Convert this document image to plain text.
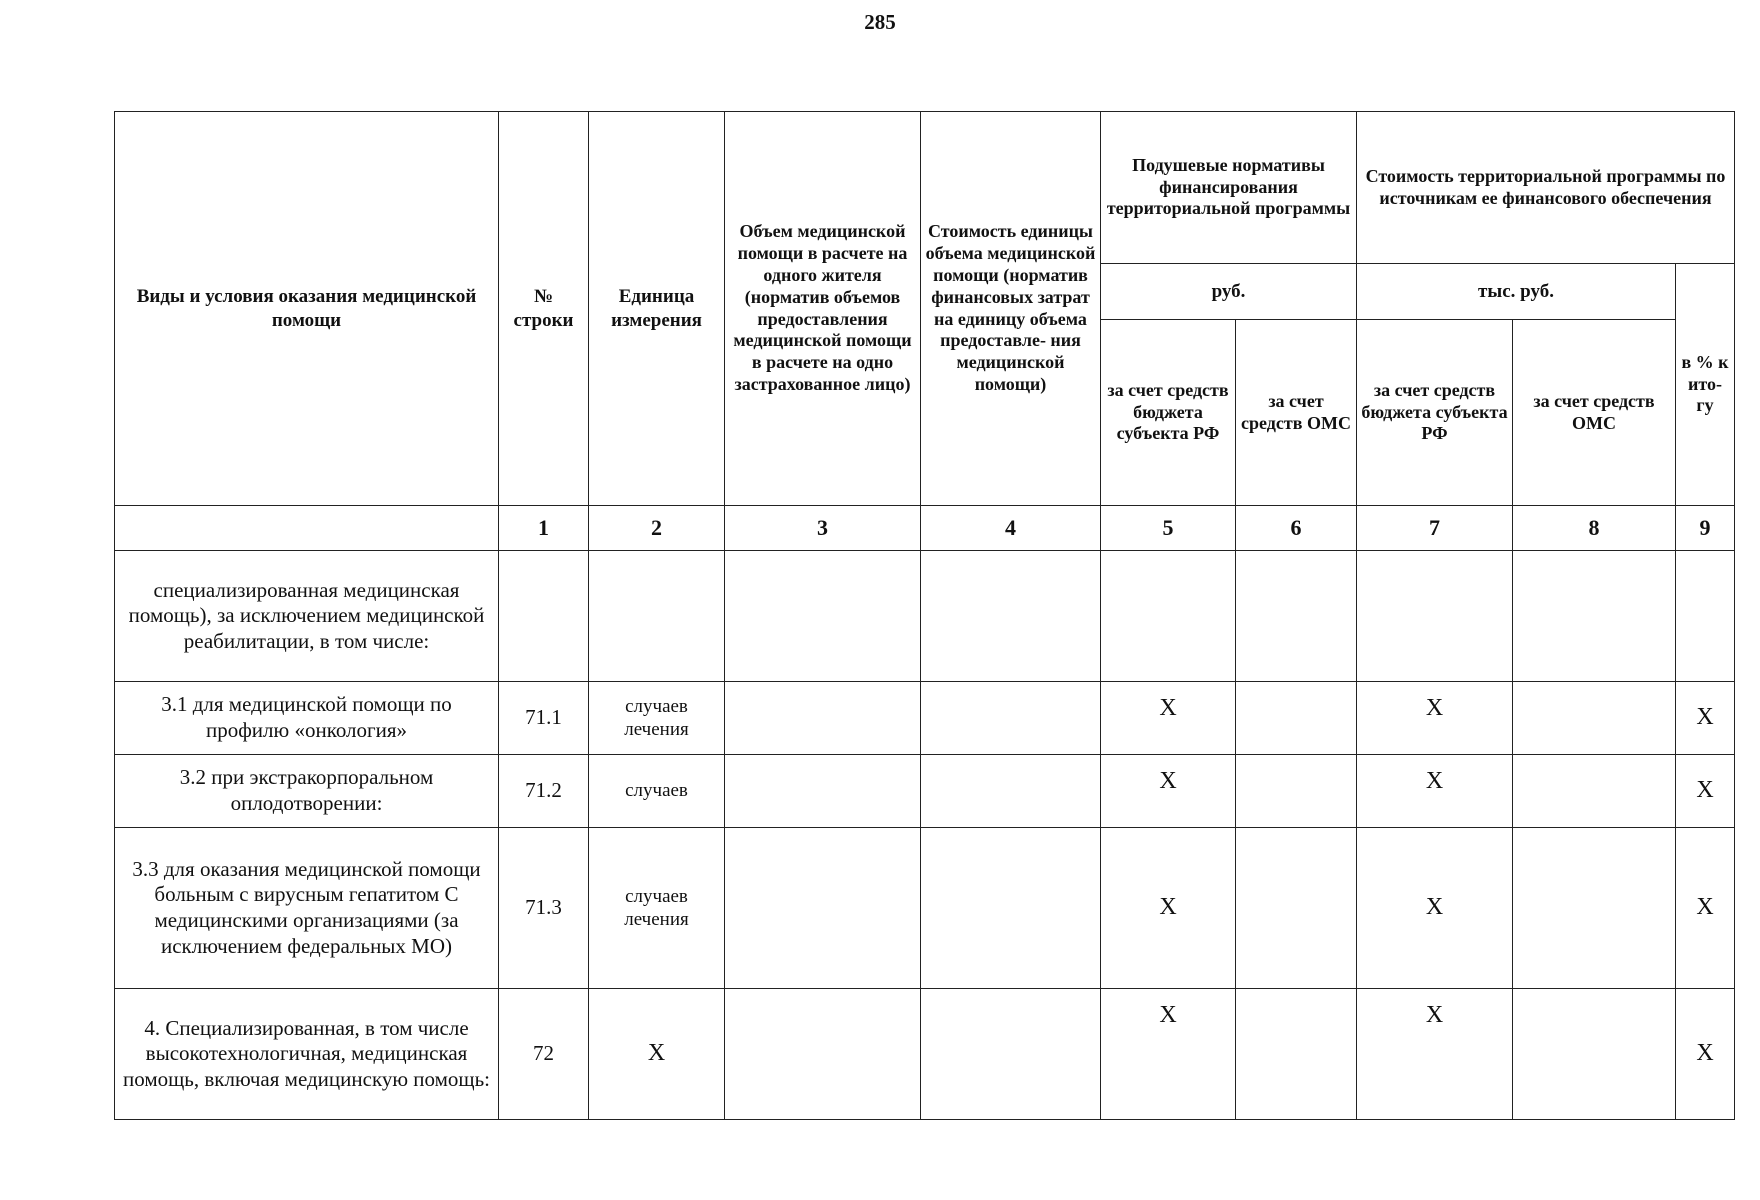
285
Виды и условия оказания медицинской помощи	№ строки	Единица измерения	Объем медицинской помощи в расчете на одного жителя (норматив объемов предоставления медицинской помощи в расчете на одно застрахованное лицо)	Стоимость единицы объема медицинской помощи (норматив финансовых затрат на единицу объема предоставле- ния медицинской помощи)	Подушевые нормативы финансирования территориальной программы		Стоимость территориальной программы по источникам ее финансового обеспечения		
					руб.		тыс. руб.		в % к ито- гу
					за счет средств бюджета субъекта РФ	за счет средств ОМС	за счет средств бюджета субъекта РФ	за счет средств ОМС	
	1	2	3	4	5	6	7	8	9
специализированная медицинская помощь), за исключением медицинской реабилитации, в том числе:									
3.1 для медицинской помощи по профилю «онкология»	71.1	случаев лечения			Х		Х		Х
3.2 при экстракорпоральном оплодотворении:	71.2	случаев			Х		Х		Х
3.3 для оказания медицинской помощи больным с вирусным гепатитом С медицинскими организациями (за исключением федеральных МО)	71.3	случаев лечения			Х		Х		Х
4. Специализированная, в том числе высокотехнологичная, медицинская помощь, включая медицинскую помощь:	72	Х			Х		Х		Х
